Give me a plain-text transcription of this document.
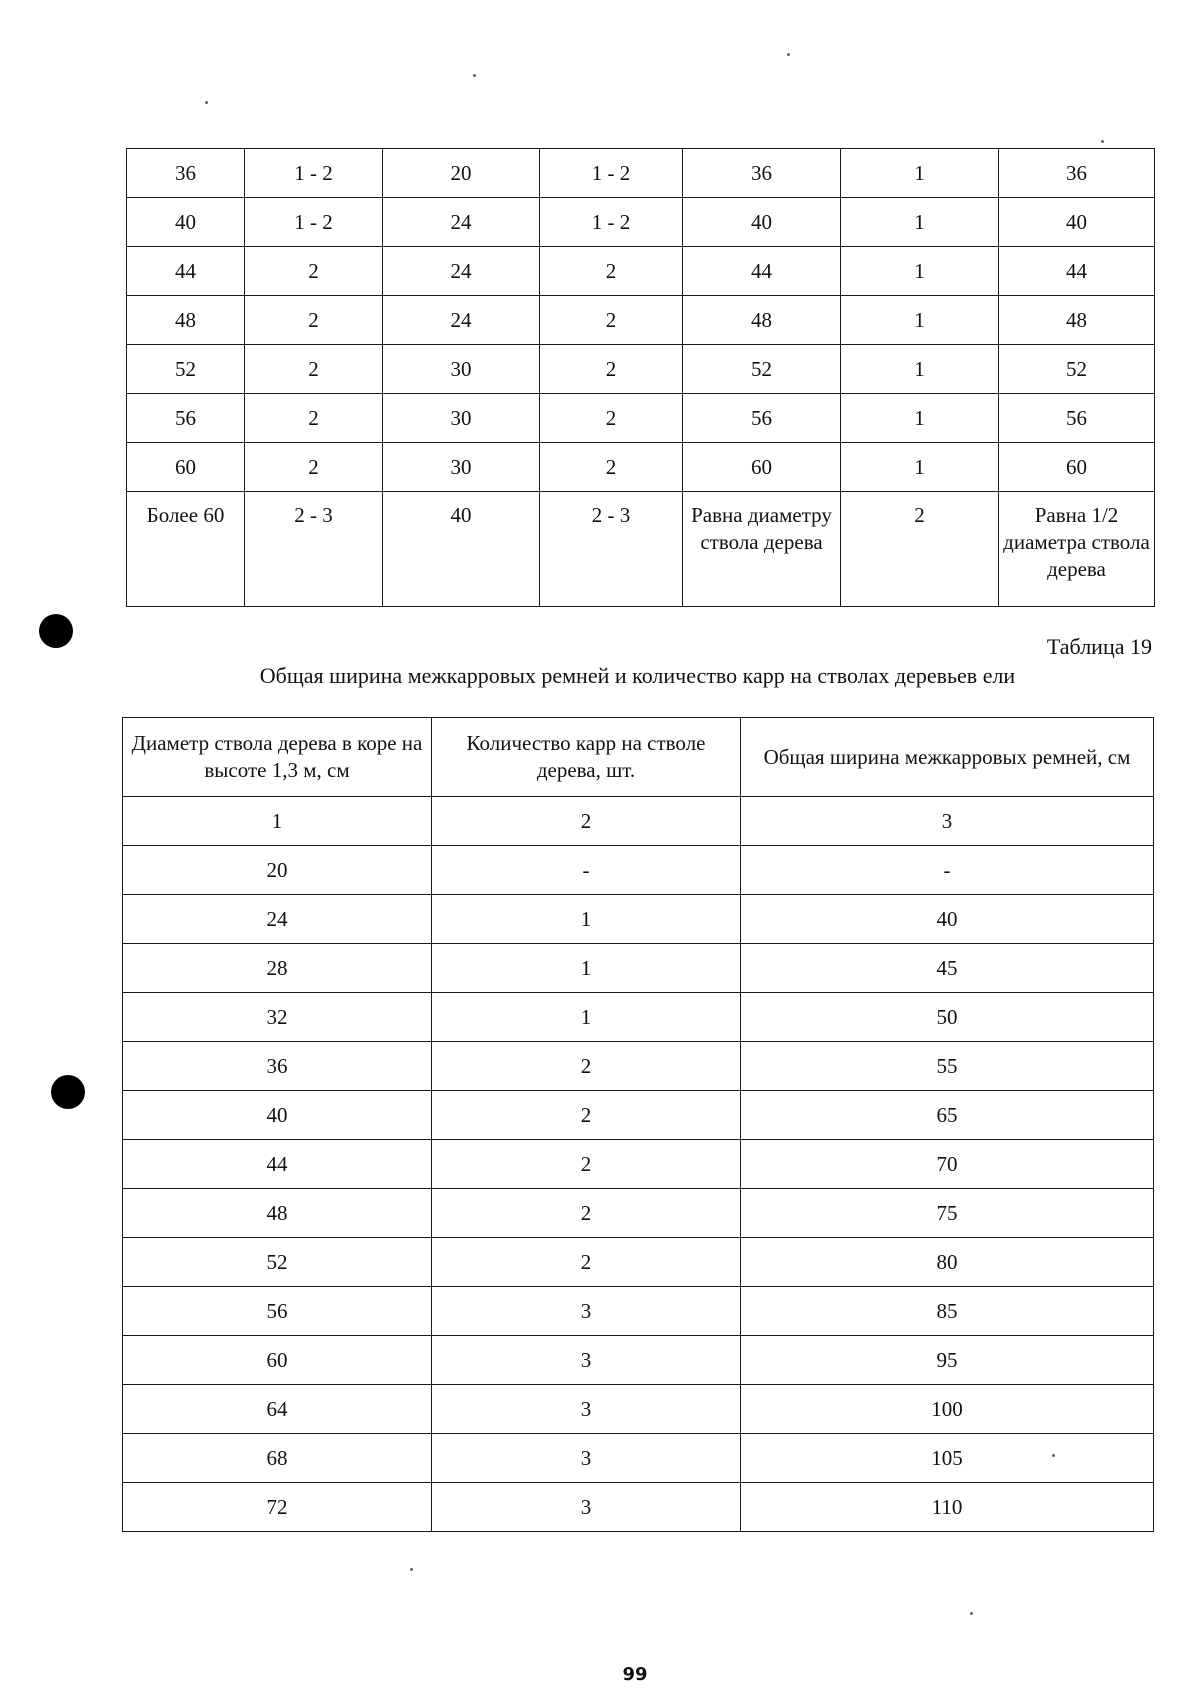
36	1 - 2	20	1 - 2	36	1	36
40	1 - 2	24	1 - 2	40	1	40
44	2	24	2	44	1	44
48	2	24	2	48	1	48
52	2	30	2	52	1	52
56	2	30	2	56	1	56
60	2	30	2	60	1	60
Более 60	2 - 3	40	2 - 3	Равна диаметру ствола дерева	2	Равна 1/2 диаметра ствола дерева
Таблица 19
Общая ширина межкарровых ремней и количество карр на стволах деревьев ели
Диаметр ствола дерева в коре на высоте 1,3 м, см	Количество карр на стволе дерева, шт.	Общая ширина межкарровых ремней, см
1	2	3
20	-	-
24	1	40
28	1	45
32	1	50
36	2	55
40	2	65
44	2	70
48	2	75
52	2	80
56	3	85
60	3	95
64	3	100
68	3	105
72	3	110
99
